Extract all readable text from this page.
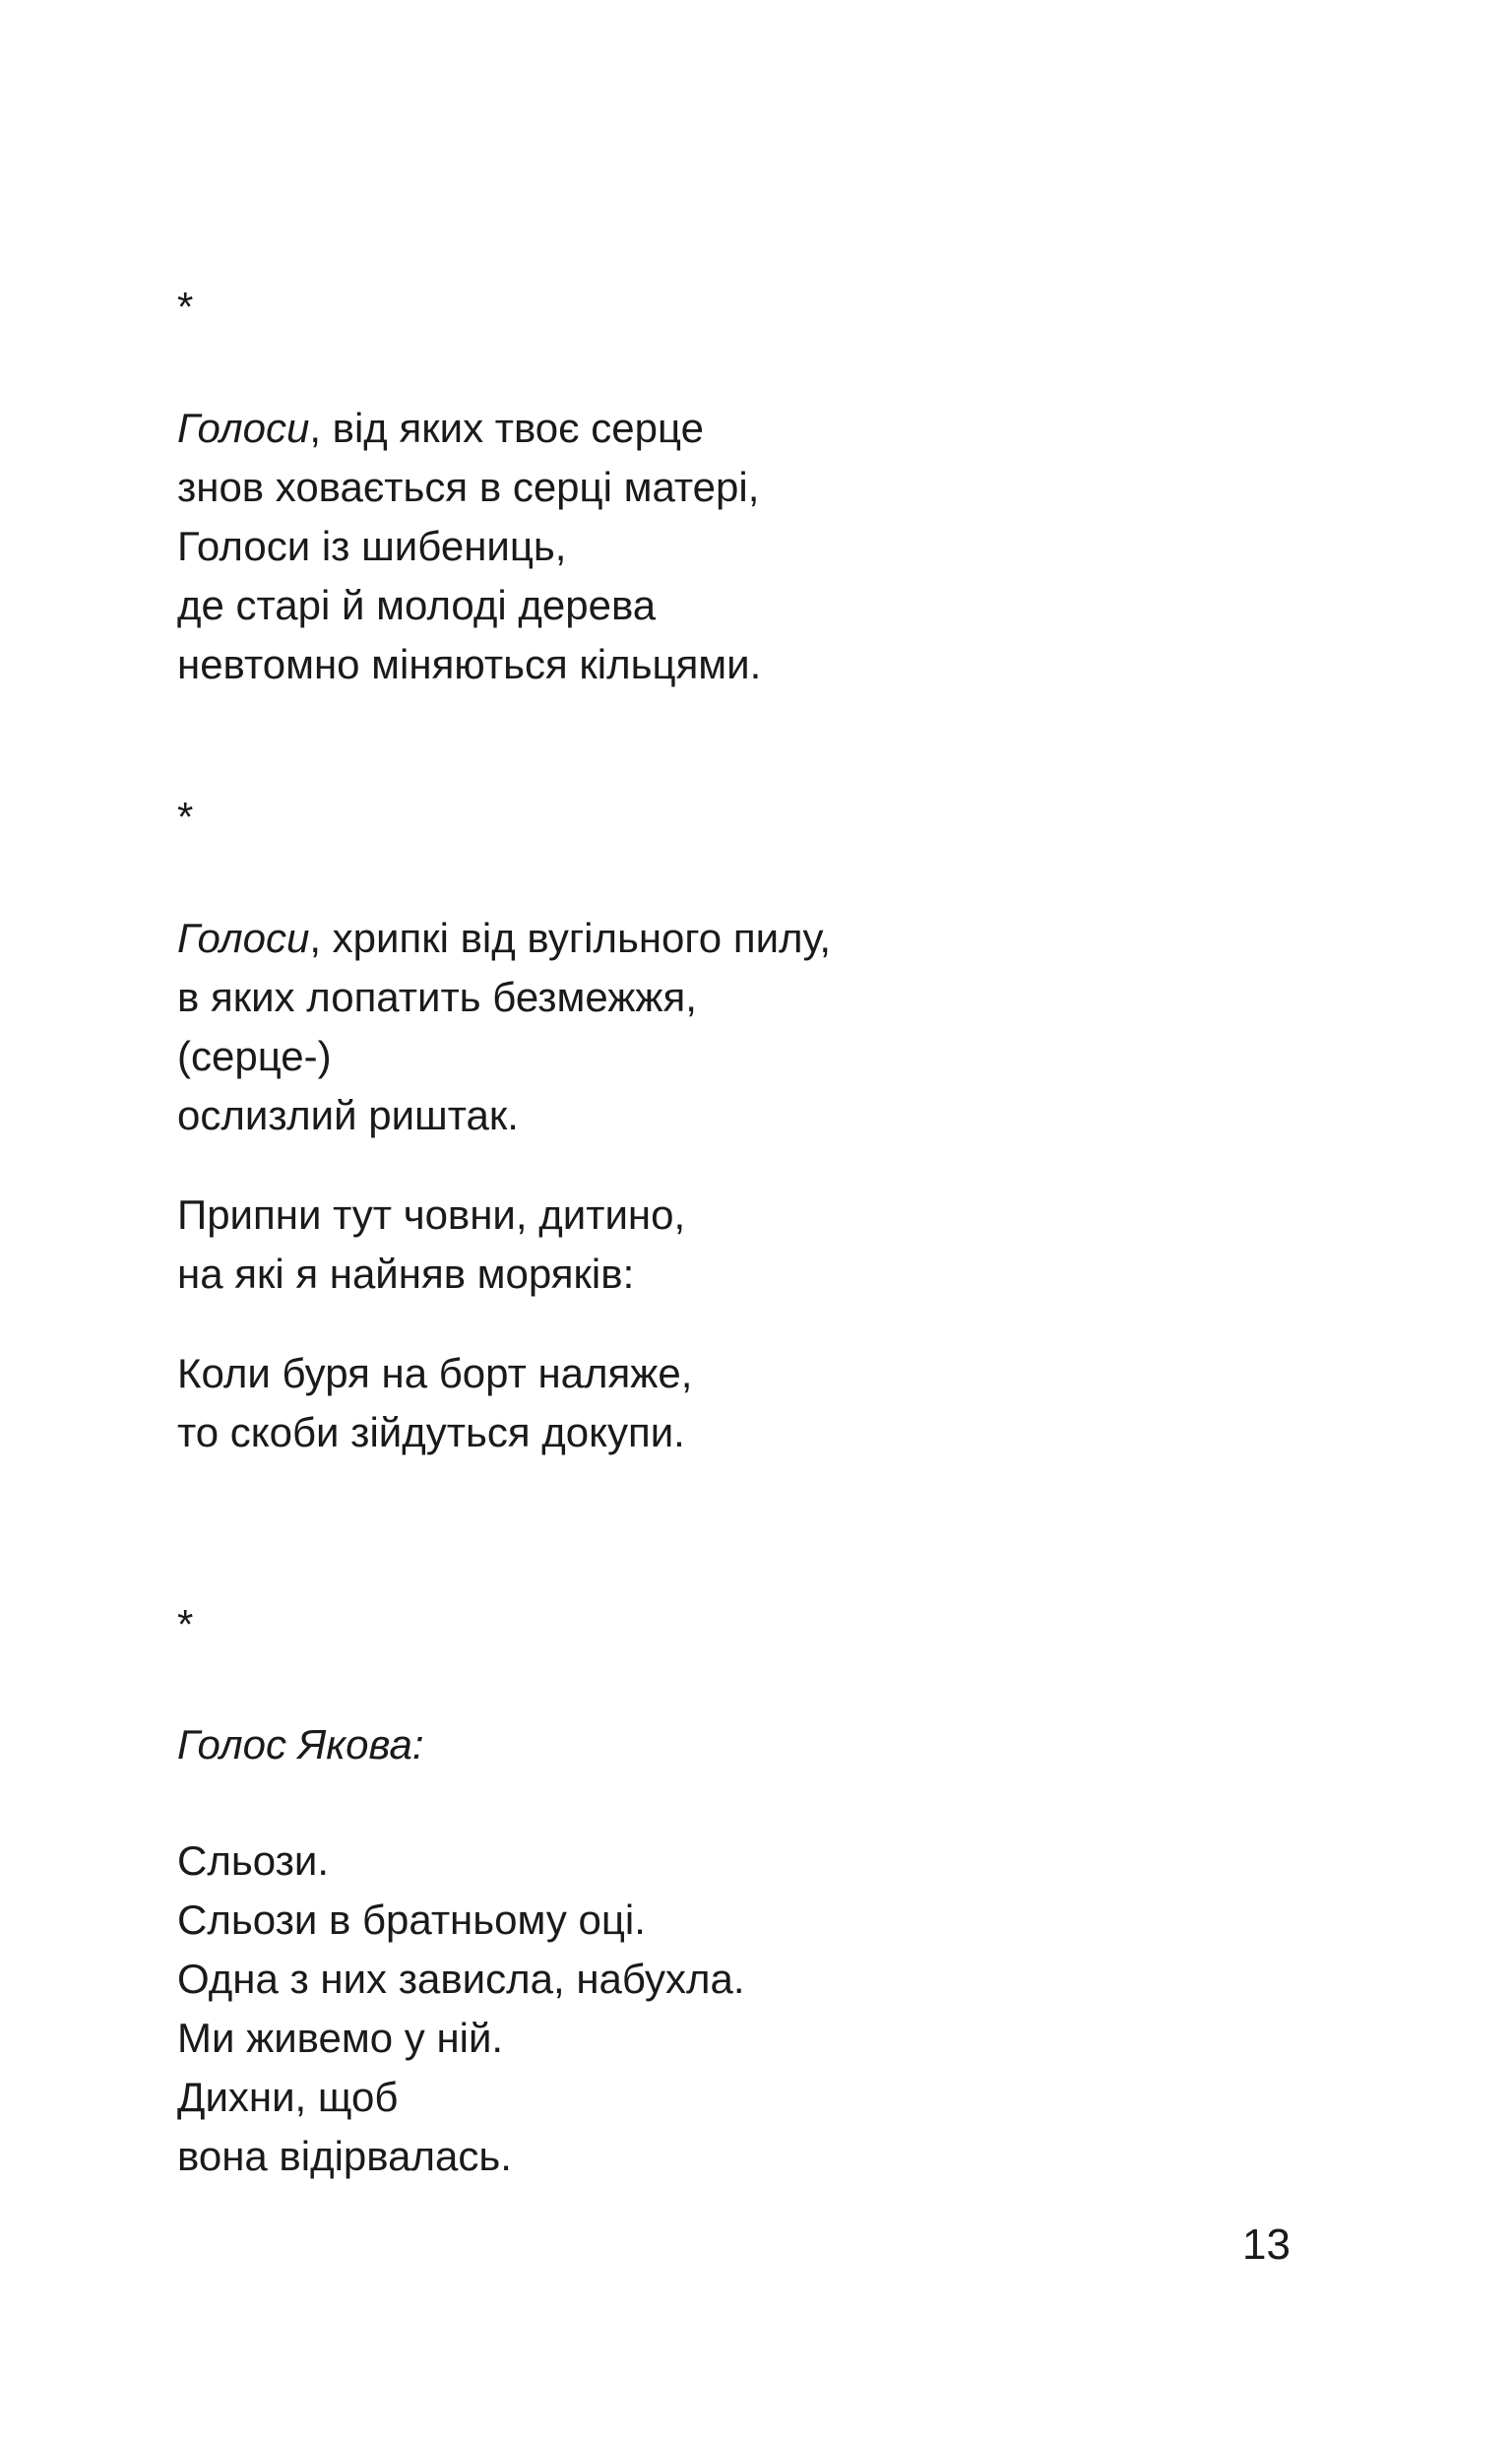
*
Голоси, від яких твоє серце
знов ховається в серці матері,
Голоси із шибениць,
де старі й молоді дерева
невтомно міняються кільцями.
*
Голоси, хрипкі від вугільного пилу,
в яких лопатить безмежжя,
(серце-)
ослизлий риштак.
Припни тут човни, дитино,
на які я найняв моряків:
Коли буря на борт наляже,
то скоби зійдуться докупи.
*
Голос Якова:
Сльози.
Сльози в братньому оці.
Одна з них зависла, набухла.
Ми живемо у ній.
Дихни, щоб
вона відірвалась.
13
